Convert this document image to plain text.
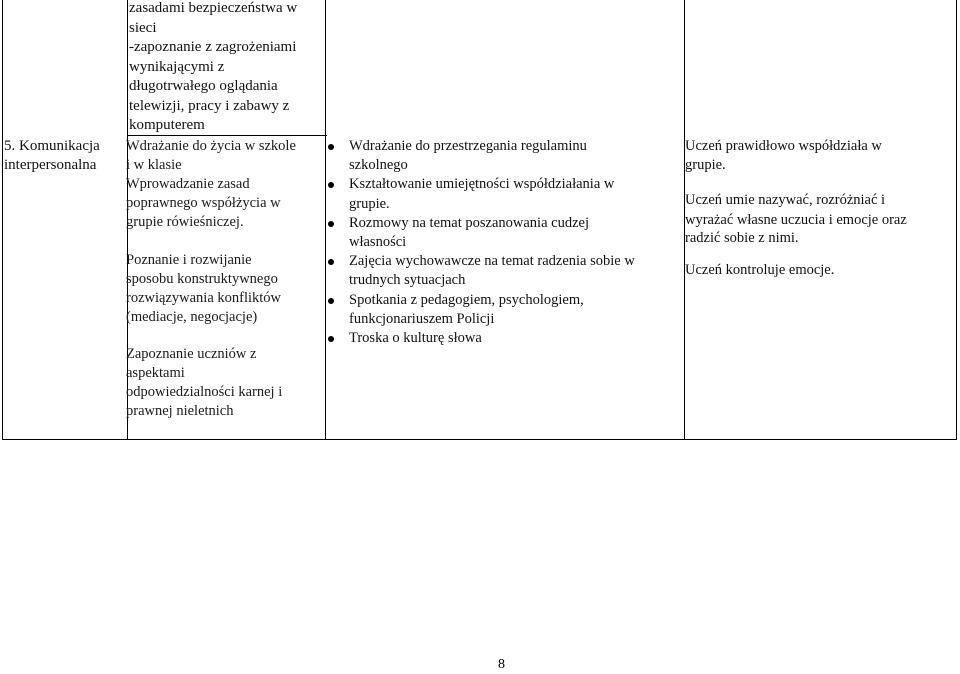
zasadami bezpieczeństwa w
sieci
-zapoznanie z zagrożeniami
wynikającymi z
długotrwałego oglądania
telewizji, pracy i zabawy z
komputerem
5. Komunikacja
interpersonalna
Wdrażanie do życia w szkole
i w klasie
Wprowadzanie zasad
poprawnego współżycia w
grupie rówieśniczej.
Poznanie i rozwijanie
sposobu konstruktywnego
rozwiązywania konfliktów
(mediacje, negocjacje)
Zapoznanie uczniów z
aspektami
odpowiedzialności karnej i
prawnej nieletnich
Wdrażanie do przestrzegania regulaminu
szkolnego
Kształtowanie umiejętności współdziałania w
grupie.
Rozmowy na temat poszanowania cudzej
własności
Zajęcia wychowawcze na temat radzenia sobie w
trudnych sytuacjach
Spotkania z pedagogiem, psychologiem,
funkcjonariuszem Policji
Troska o kulturę słowa

Uczeń prawidłowo współdziała w
grupie.

Uczeń umie nazywać, rozróżniać i
wyrażać własne uczucia i emocje oraz
radzić sobie z nimi.

Uczeń kontroluje emocje.

8
